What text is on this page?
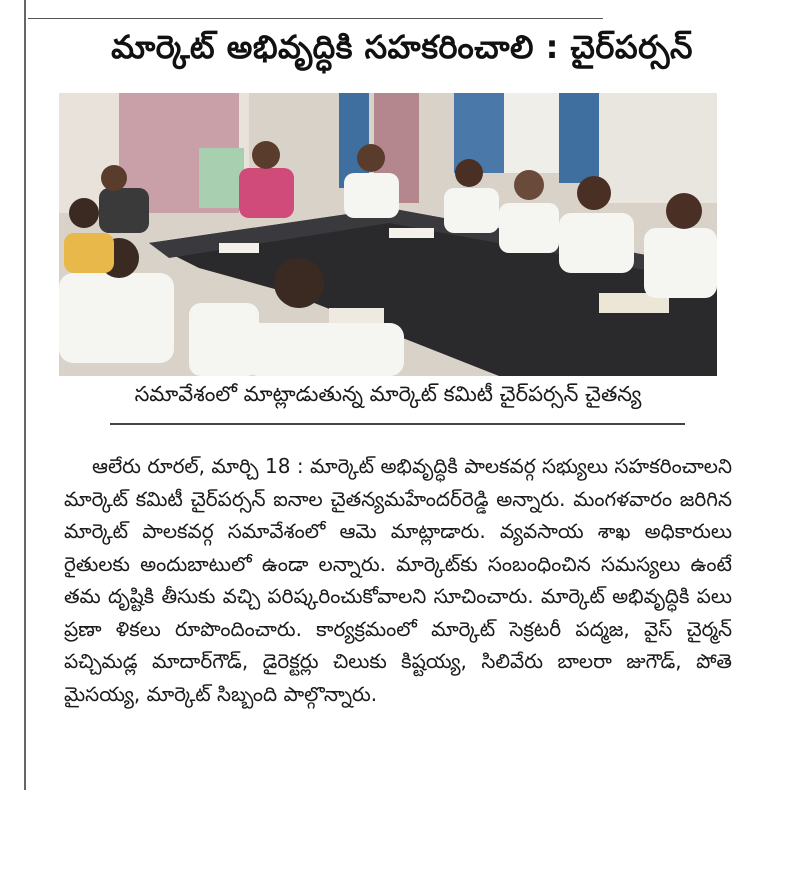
మార్కెట్ అభివృద్ధికి సహకరించాలి : చైర్‌పర్సన్
సమావేశంలో మాట్లాడుతున్న మార్కెట్ కమిటీ చైర్‌పర్సన్ చైతన్య
ఆలేరు రూరల్, మార్చి 18 : మార్కెట్ అభివృద్ధికి పాలకవర్గ సభ్యులు సహకరించాలని మార్కెట్ కమిటీ చైర్‌పర్సన్ ఐనాల చైతన్యమహేందర్‌రెడ్డి అన్నారు. మంగళవారం జరిగిన మార్కెట్ పాలకవర్గ సమావేశంలో ఆమె మాట్లాడారు. వ్యవసాయ శాఖ అధికారులు రైతులకు అందుబాటులో ఉండా లన్నారు. మార్కెట్‌కు సంబంధించిన సమస్యలు ఉంటే తమ దృష్టికి తీసుకు వచ్చి పరిష్కరించుకోవాలని సూచించారు. మార్కెట్ అభివృద్ధికి పలు ప్రణా ళికలు రూపొందించారు. కార్యక్రమంలో మార్కెట్ సెక్రటరీ పద్మజ, వైస్ చైర్మన్ పచ్చిమడ్ల మాదార్‌గౌడ్, డైరెక్టర్లు చిలుకు కిష్టయ్య, సిలివేరు బాలరా జుగౌడ్, పోతె మైసయ్య, మార్కెట్ సిబ్బంది పాల్గొన్నారు.
